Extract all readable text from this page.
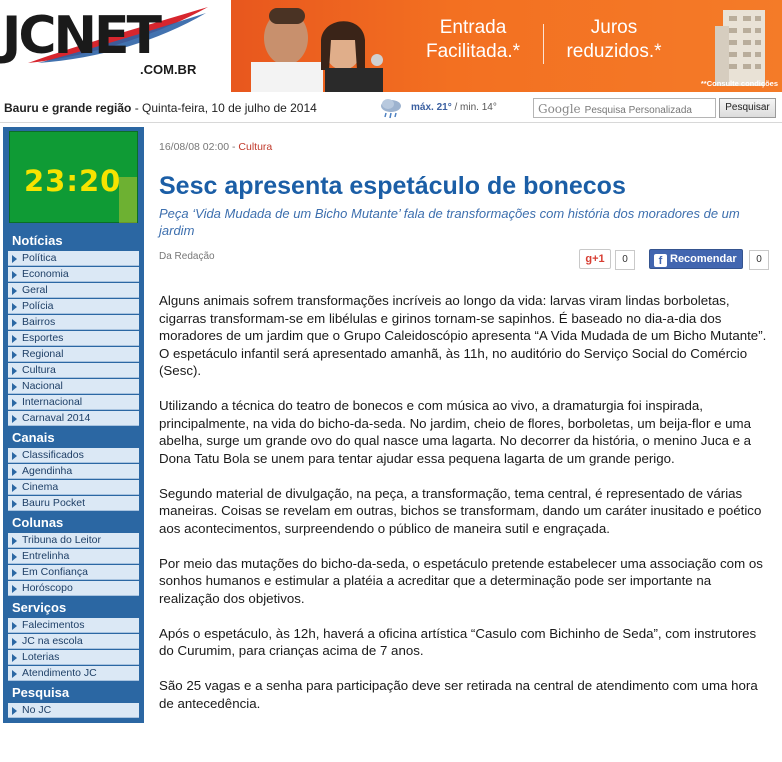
JCNET
.COM.BR
Entrada Facilitada.*
Juros reduzidos.*
**Consulte condições
Bauru e grande região - Quinta-feira, 10 de julho de 2014	máx. 21° / min. 14°	Google Pesquisa Personalizada	Pesquisar
23:20
Notícias
Política
Economia
Geral
Polícia
Bairros
Esportes
Regional
Cultura
Nacional
Internacional
Carnaval 2014
Canais
Classificados
Agendinha
Cinema
Bauru Pocket
Colunas
Tribuna do Leitor
Entrelinha
Em Confiança
Horóscopo
Serviços
Falecimentos
JC na escola
Loterias
Atendimento JC
Pesquisa
No JC
16/08/08 02:00 - Cultura
Sesc apresenta espetáculo de bonecos
Peça ‘Vida Mudada de um Bicho Mutante’ fala de transformações com história dos moradores de um jardim
Da Redação	g+1	0	f Recomendar	0

Alguns animais sofrem transformações incríveis ao longo da vida: larvas viram lindas borboletas, cigarras transformam-se em libélulas e girinos tornam-se sapinhos. É baseado no dia-a-dia dos moradores de um jardim que o Grupo Caleidoscópio apresenta “A Vida Mudada de um Bicho Mutante”. O espetáculo infantil será apresentado amanhã, às 11h, no auditório do Serviço Social do Comércio (Sesc).

Utilizando a técnica do teatro de bonecos e com música ao vivo, a dramaturgia foi inspirada, principalmente, na vida do bicho-da-seda. No jardim, cheio de flores, borboletas, um beija-flor e uma abelha, surge um grande ovo do qual nasce uma lagarta. No decorrer da história, o menino Juca e a Dona Tatu Bola se unem para tentar ajudar essa pequena lagarta de um grande perigo.

Segundo material de divulgação, na peça, a transformação, tema central, é representado de várias maneiras. Coisas se revelam em outras, bichos se transformam, dando um caráter inusitado e poético aos acontecimentos, surpreendendo o público de maneira sutil e engraçada.

Por meio das mutações do bicho-da-seda, o espetáculo pretende estabelecer uma associação com os sonhos humanos e estimular a platéia a acreditar que a determinação pode ser importante na realização dos objetivos.

Após o espetáculo, às 12h, haverá a oficina artística “Casulo com Bichinho de Seda”, com instrutores do Curumim, para crianças acima de 7 anos.

São 25 vagas e a senha para participação deve ser retirada na central de atendimento com uma hora de antecedência.
